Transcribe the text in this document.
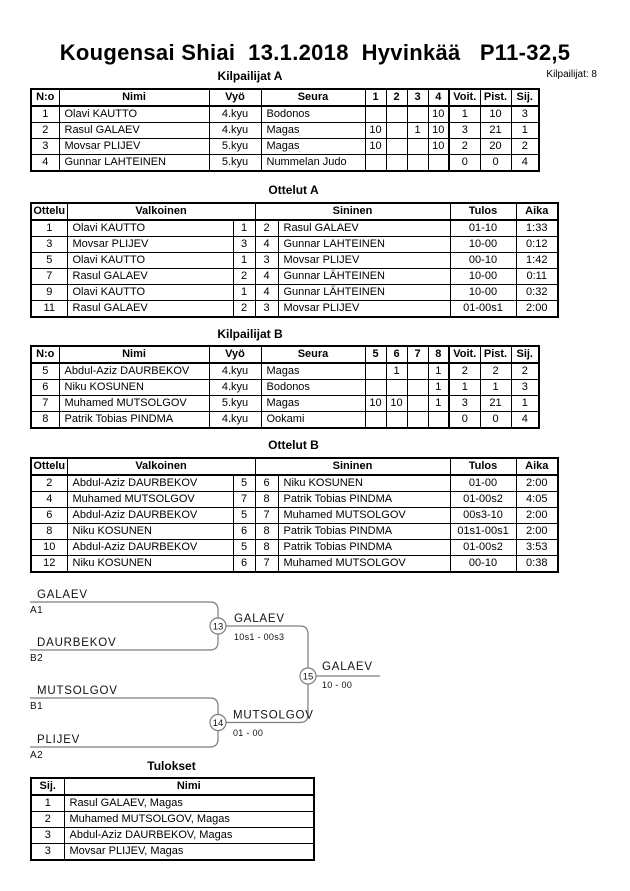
Kougensai Shiai  13.1.2018  Hyvinkää   P11-32,5
Kilpailijat A	Kilpailijat: 8
N:o	Nimi	Vyö	Seura	1	2	3	4	Voit.	Pist.	Sij.
1	Olavi KAUTTO	4.kyu	Bodonos				10	1	10	3
2	Rasul GALAEV	4.kyu	Magas	10		1	10	3	21	1
3	Movsar PLIJEV	5.kyu	Magas	10			10	2	20	2
4	Gunnar LAHTEINEN	5.kyu	Nummelan Judo					0	0	4
Ottelut A
Ottelu	Valkoinen		Sininen		Tulos	Aika
1	Olavi KAUTTO	1	2	Rasul GALAEV	01-10	1:33
3	Movsar PLIJEV	3	4	Gunnar LAHTEINEN	10-00	0:12
5	Olavi KAUTTO	1	3	Movsar PLIJEV	00-10	1:42
7	Rasul GALAEV	2	4	Gunnar LÄHTEINEN	10-00	0:11
9	Olavi KAUTTO	1	4	Gunnar LÄHTEINEN	10-00	0:32
11	Rasul GALAEV	2	3	Movsar PLIJEV	01-00s1	2:00
Kilpailijat B
N:o	Nimi	Vyö	Seura	5	6	7	8	Voit.	Pist.	Sij.
5	Abdul-Aziz DAURBEKOV	4.kyu	Magas		1		1	2	2	2
6	Niku KOSUNEN	4.kyu	Bodonos				1	1	1	3
7	Muhamed MUTSOLGOV	5.kyu	Magas	10	10		1	3	21	1
8	Patrik Tobias PINDMA	4.kyu	Ookami					0	0	4
Ottelut B
Ottelu	Valkoinen		Sininen		Tulos	Aika
2	Abdul-Aziz DAURBEKOV	5	6	Niku KOSUNEN	01-00	2:00
4	Muhamed MUTSOLGOV	7	8	Patrik Tobias PINDMA	01-00s2	4:05
6	Abdul-Aziz DAURBEKOV	5	7	Muhamed MUTSOLGOV	00s3-10	2:00
8	Niku KOSUNEN	6	8	Patrik Tobias PINDMA	01s1-00s1	2:00
10	Abdul-Aziz DAURBEKOV	5	8	Patrik Tobias PINDMA	01-00s2	3:53
12	Niku KOSUNEN	6	7	Muhamed MUTSOLGOV	00-10	0:38
GALAEV
A1
DAURBEKOV
B2
13
GALAEV
10s1 - 00s3
MUTSOLGOV
B1
PLIJEV
A2
14
MUTSOLGOV
01 - 00
15
GALAEV
10 - 00
Tulokset
Sij.	Nimi
1	Rasul GALAEV, Magas
2	Muhamed MUTSOLGOV, Magas
3	Abdul-Aziz DAURBEKOV, Magas
3	Movsar PLIJEV, Magas
